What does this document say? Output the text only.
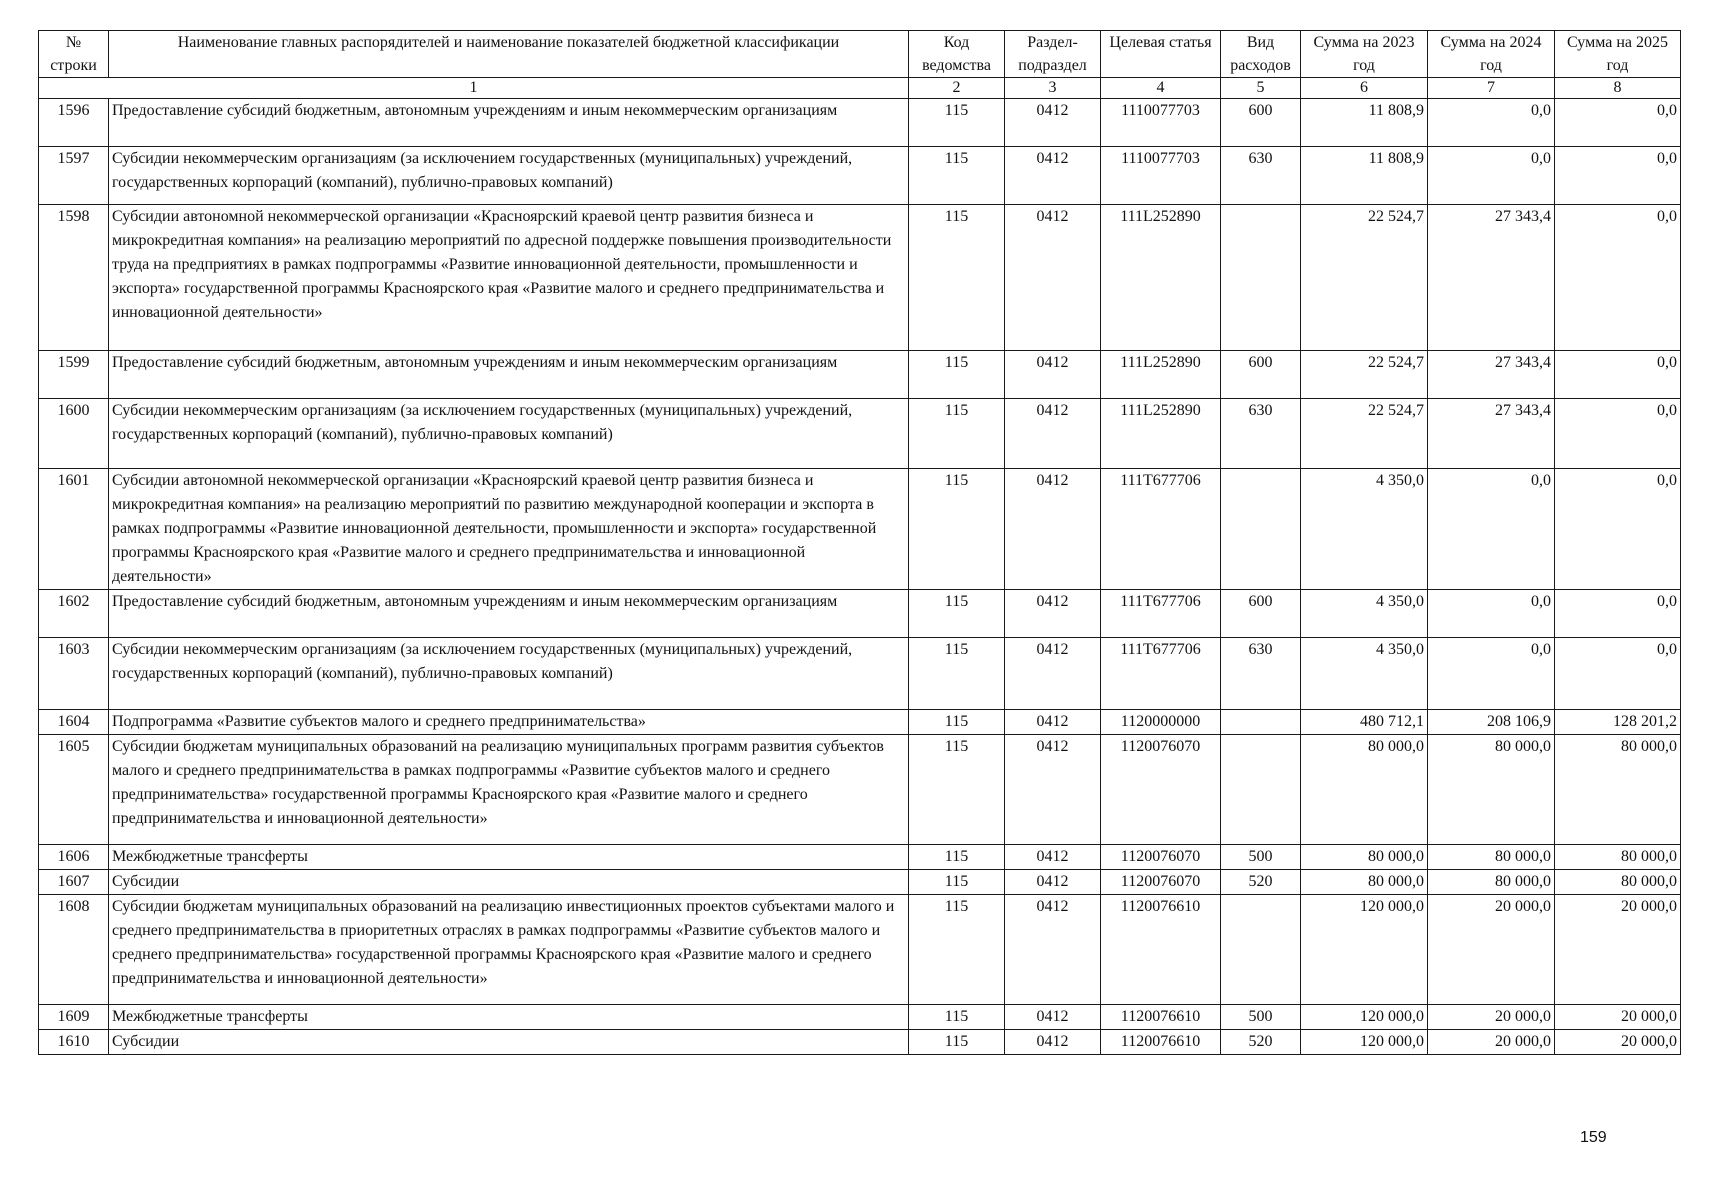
№ строки	Наименование главных распорядителей и наименование показателей бюджетной классификации	Код ведомства	Раздел-подраздел	Целевая статья	Вид расходов	Сумма на 2023 год	Сумма на 2024 год	Сумма на 2025 год
1		2	3	4	5	6	7	8
1596	Предоставление субсидий бюджетным, автономным учреждениям и иным некоммерческим организациям	115	0412	1110077703	600	11 808,9	0,0	0,0
1597	Субсидии некоммерческим организациям (за исключением государственных (муниципальных) учреждений, государственных корпораций (компаний), публично-правовых компаний)	115	0412	1110077703	630	11 808,9	0,0	0,0
1598	Субсидии автономной некоммерческой организации «Красноярский краевой центр развития бизнеса и микрокредитная компания» на реализацию мероприятий по адресной поддержке повышения производительности труда на предприятиях в рамках подпрограммы «Развитие инновационной деятельности, промышленности и экспорта» государственной программы Красноярского края «Развитие малого и среднего предпринимательства и инновационной деятельности»	115	0412	111L252890		22 524,7	27 343,4	0,0
1599	Предоставление субсидий бюджетным, автономным учреждениям и иным некоммерческим организациям	115	0412	111L252890	600	22 524,7	27 343,4	0,0
1600	Субсидии некоммерческим организациям (за исключением государственных (муниципальных) учреждений, государственных корпораций (компаний), публично-правовых компаний)	115	0412	111L252890	630	22 524,7	27 343,4	0,0
1601	Субсидии автономной некоммерческой организации «Красноярский краевой центр развития бизнеса и микрокредитная компания» на реализацию мероприятий по развитию международной кооперации и экспорта в рамках подпрограммы «Развитие инновационной деятельности, промышленности и экспорта» государственной программы Красноярского края «Развитие малого и среднего предпринимательства и инновационной деятельности»	115	0412	111T677706		4 350,0	0,0	0,0
1602	Предоставление субсидий бюджетным, автономным учреждениям и иным некоммерческим организациям	115	0412	111T677706	600	4 350,0	0,0	0,0
1603	Субсидии некоммерческим организациям (за исключением государственных (муниципальных) учреждений, государственных корпораций (компаний), публично-правовых компаний)	115	0412	111T677706	630	4 350,0	0,0	0,0
1604	Подпрограмма «Развитие субъектов малого и среднего предпринимательства»	115	0412	1120000000		480 712,1	208 106,9	128 201,2
1605	Субсидии бюджетам муниципальных образований на реализацию муниципальных программ развития субъектов малого и среднего предпринимательства в рамках подпрограммы «Развитие субъектов малого и среднего предпринимательства» государственной программы Красноярского края «Развитие малого и среднего предпринимательства и инновационной деятельности»	115	0412	1120076070		80 000,0	80 000,0	80 000,0
1606	Межбюджетные трансферты	115	0412	1120076070	500	80 000,0	80 000,0	80 000,0
1607	Субсидии	115	0412	1120076070	520	80 000,0	80 000,0	80 000,0
1608	Субсидии бюджетам муниципальных образований на реализацию инвестиционных проектов субъектами малого и среднего предпринимательства в приоритетных отраслях в рамках подпрограммы «Развитие субъектов малого и среднего предпринимательства» государственной программы Красноярского края «Развитие малого и среднего предпринимательства и инновационной деятельности»	115	0412	1120076610		120 000,0	20 000,0	20 000,0
1609	Межбюджетные трансферты	115	0412	1120076610	500	120 000,0	20 000,0	20 000,0
1610	Субсидии	115	0412	1120076610	520	120 000,0	20 000,0	20 000,0
159
